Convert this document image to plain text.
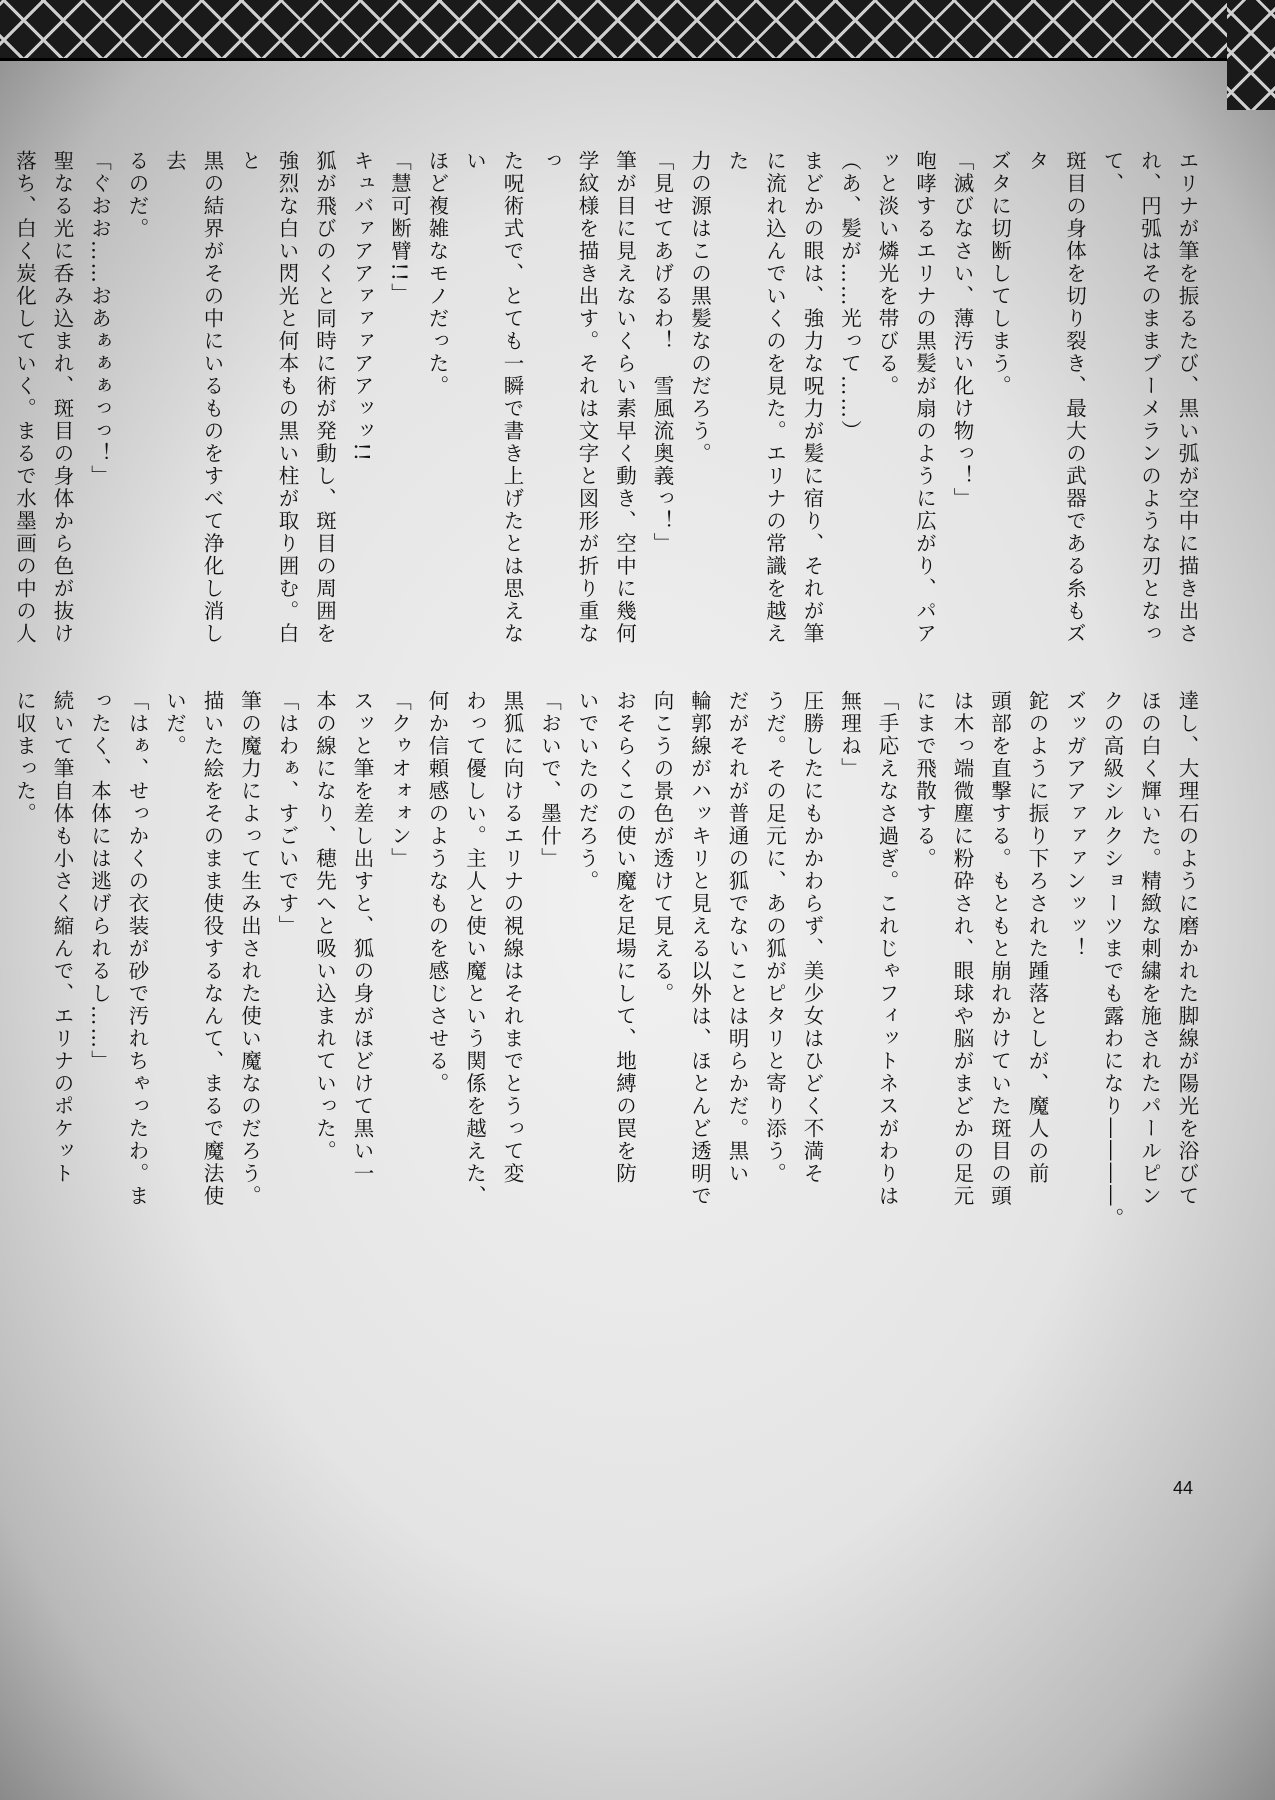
エリナが筆を振るたび、黒い弧が空中に描き出さ
れ、円弧はそのままブーメランのような刃となって、
斑目の身体を切り裂き、最大の武器である糸もズタ
ズタに切断してしまう。
「滅びなさい、薄汚い化け物っ！」
咆哮するエリナの黒髪が扇のように広がり、パア
ッと淡い燐光を帯びる。
（あ、髪が……光って……）
まどかの眼は、強力な呪力が髪に宿り、それが筆
に流れ込んでいくのを見た。エリナの常識を越えた
力の源はこの黒髪なのだろう。
「見せてあげるわ！　雪風流奥義っ！」
筆が目に見えないくらい素早く動き、空中に幾何
学紋様を描き出す。それは文字と図形が折り重なっ
た呪術式で、とても一瞬で書き上げたとは思えない
ほど複雑なモノだった。
「慧可断臂!!」
キュバァアアァァァアアッッ!!
狐が飛びのくと同時に術が発動し、斑目の周囲を
強烈な白い閃光と何本もの黒い柱が取り囲む。白と
黒の結界がその中にいるものをすべて浄化し消し去
るのだ。
「ぐおお……おあぁぁぁっっ！」
聖なる光に呑み込まれ、斑目の身体から色が抜け
落ち、白く炭化していく。まるで水墨画の中の人
達し、大理石のように磨かれた脚線が陽光を浴びて
ほの白く輝いた。精緻な刺繍を施されたパールピン
クの高級シルクショーツまでも露わになり――――。
ズッガアアァァァンッッ！
鉈のように振り下ろされた踵落としが、魔人の前
頭部を直撃する。もともと崩れかけていた斑目の頭
は木っ端微塵に粉砕され、眼球や脳がまどかの足元
にまで飛散する。
「手応えなさ過ぎ。これじゃフィットネスがわりは
無理ね」
圧勝したにもかかわらず、美少女はひどく不満そ
うだ。その足元に、あの狐がピタリと寄り添う。
だがそれが普通の狐でないことは明らかだ。黒い
輪郭線がハッキリと見える以外は、ほとんど透明で
向こうの景色が透けて見える。
おそらくこの使い魔を足場にして、地縛の罠を防
いでいたのだろう。
「おいで、墨什」
黒狐に向けるエリナの視線はそれまでとうって変
わって優しい。主人と使い魔という関係を越えた、
何か信頼感のようなものを感じさせる。
「クゥオォォン」
スッと筆を差し出すと、狐の身がほどけて黒い一
本の線になり、穂先へと吸い込まれていった。
「はわぁ、すごいです」
筆の魔力によって生み出された使い魔なのだろう。
描いた絵をそのまま使役するなんて、まるで魔法使
いだ。
「はぁ、せっかくの衣装が砂で汚れちゃったわ。ま
ったく、本体には逃げられるし……」
続いて筆自体も小さく縮んで、エリナのポケット
に収まった。
44
